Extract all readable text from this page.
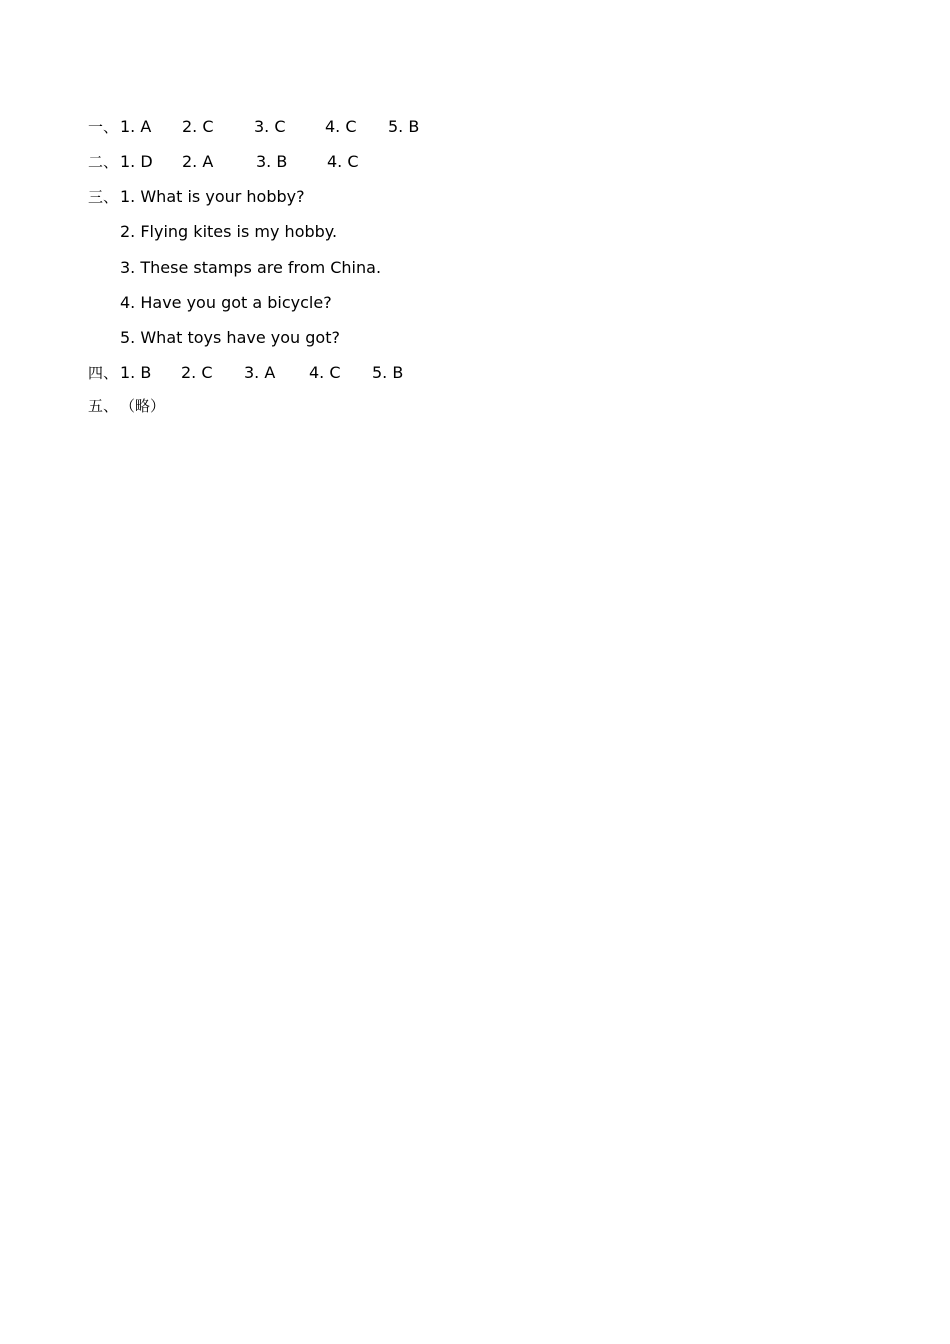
一、 1. A 2. C	3. C 4. C 5. B
二、 1. D 2. A	3. B 4. C
三、 1. What is your hobby?
2. Flying kites is my hobby.
3. These stamps are from China.
4. Have you got a bicycle?
5. What toys have you got?
四、 1. B 2. C 3. A 4. C 5. B
五、 （略）
